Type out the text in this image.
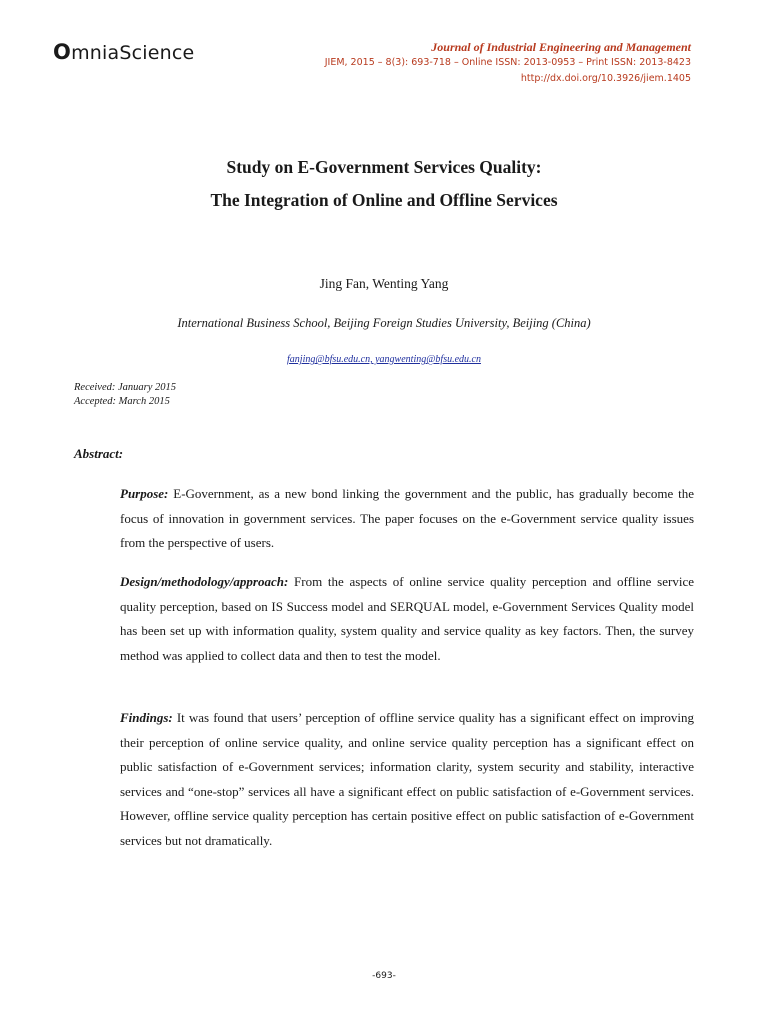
OmniaScience	Journal of Industrial Engineering and Management
JIEM, 2015 – 8(3): 693-718 – Online ISSN: 2013-0953 – Print ISSN: 2013-8423
http://dx.doi.org/10.3926/jiem.1405
Study on E-Government Services Quality:
The Integration of Online and Offline Services
Jing Fan, Wenting Yang
International Business School, Beijing Foreign Studies University, Beijing (China)
fanjing@bfsu.edu.cn, yangwenting@bfsu.edu.cn
Received: January 2015
Accepted: March 2015
Abstract:

Purpose: E-Government, as a new bond linking the government and the public, has gradually become the focus of innovation in government services. The paper focuses on the e-Government service quality issues from the perspective of users.

Design/methodology/approach: From the aspects of online service quality perception and offline service quality perception, based on IS Success model and SERQUAL model, e-Government Services Quality model has been set up with information quality, system quality and service quality as key factors. Then, the survey method was applied to collect data and then to test the model.

Findings: It was found that users’ perception of offline service quality has a significant effect on improving their perception of online service quality, and online service quality perception has a significant effect on public satisfaction of e-Government services; information clarity, system security and stability, interactive services and “one-stop” services all have a significant effect on public satisfaction of e-Government services. However, offline service quality perception has certain positive effect on public satisfaction of e-Government services but not dramatically.

-693-
